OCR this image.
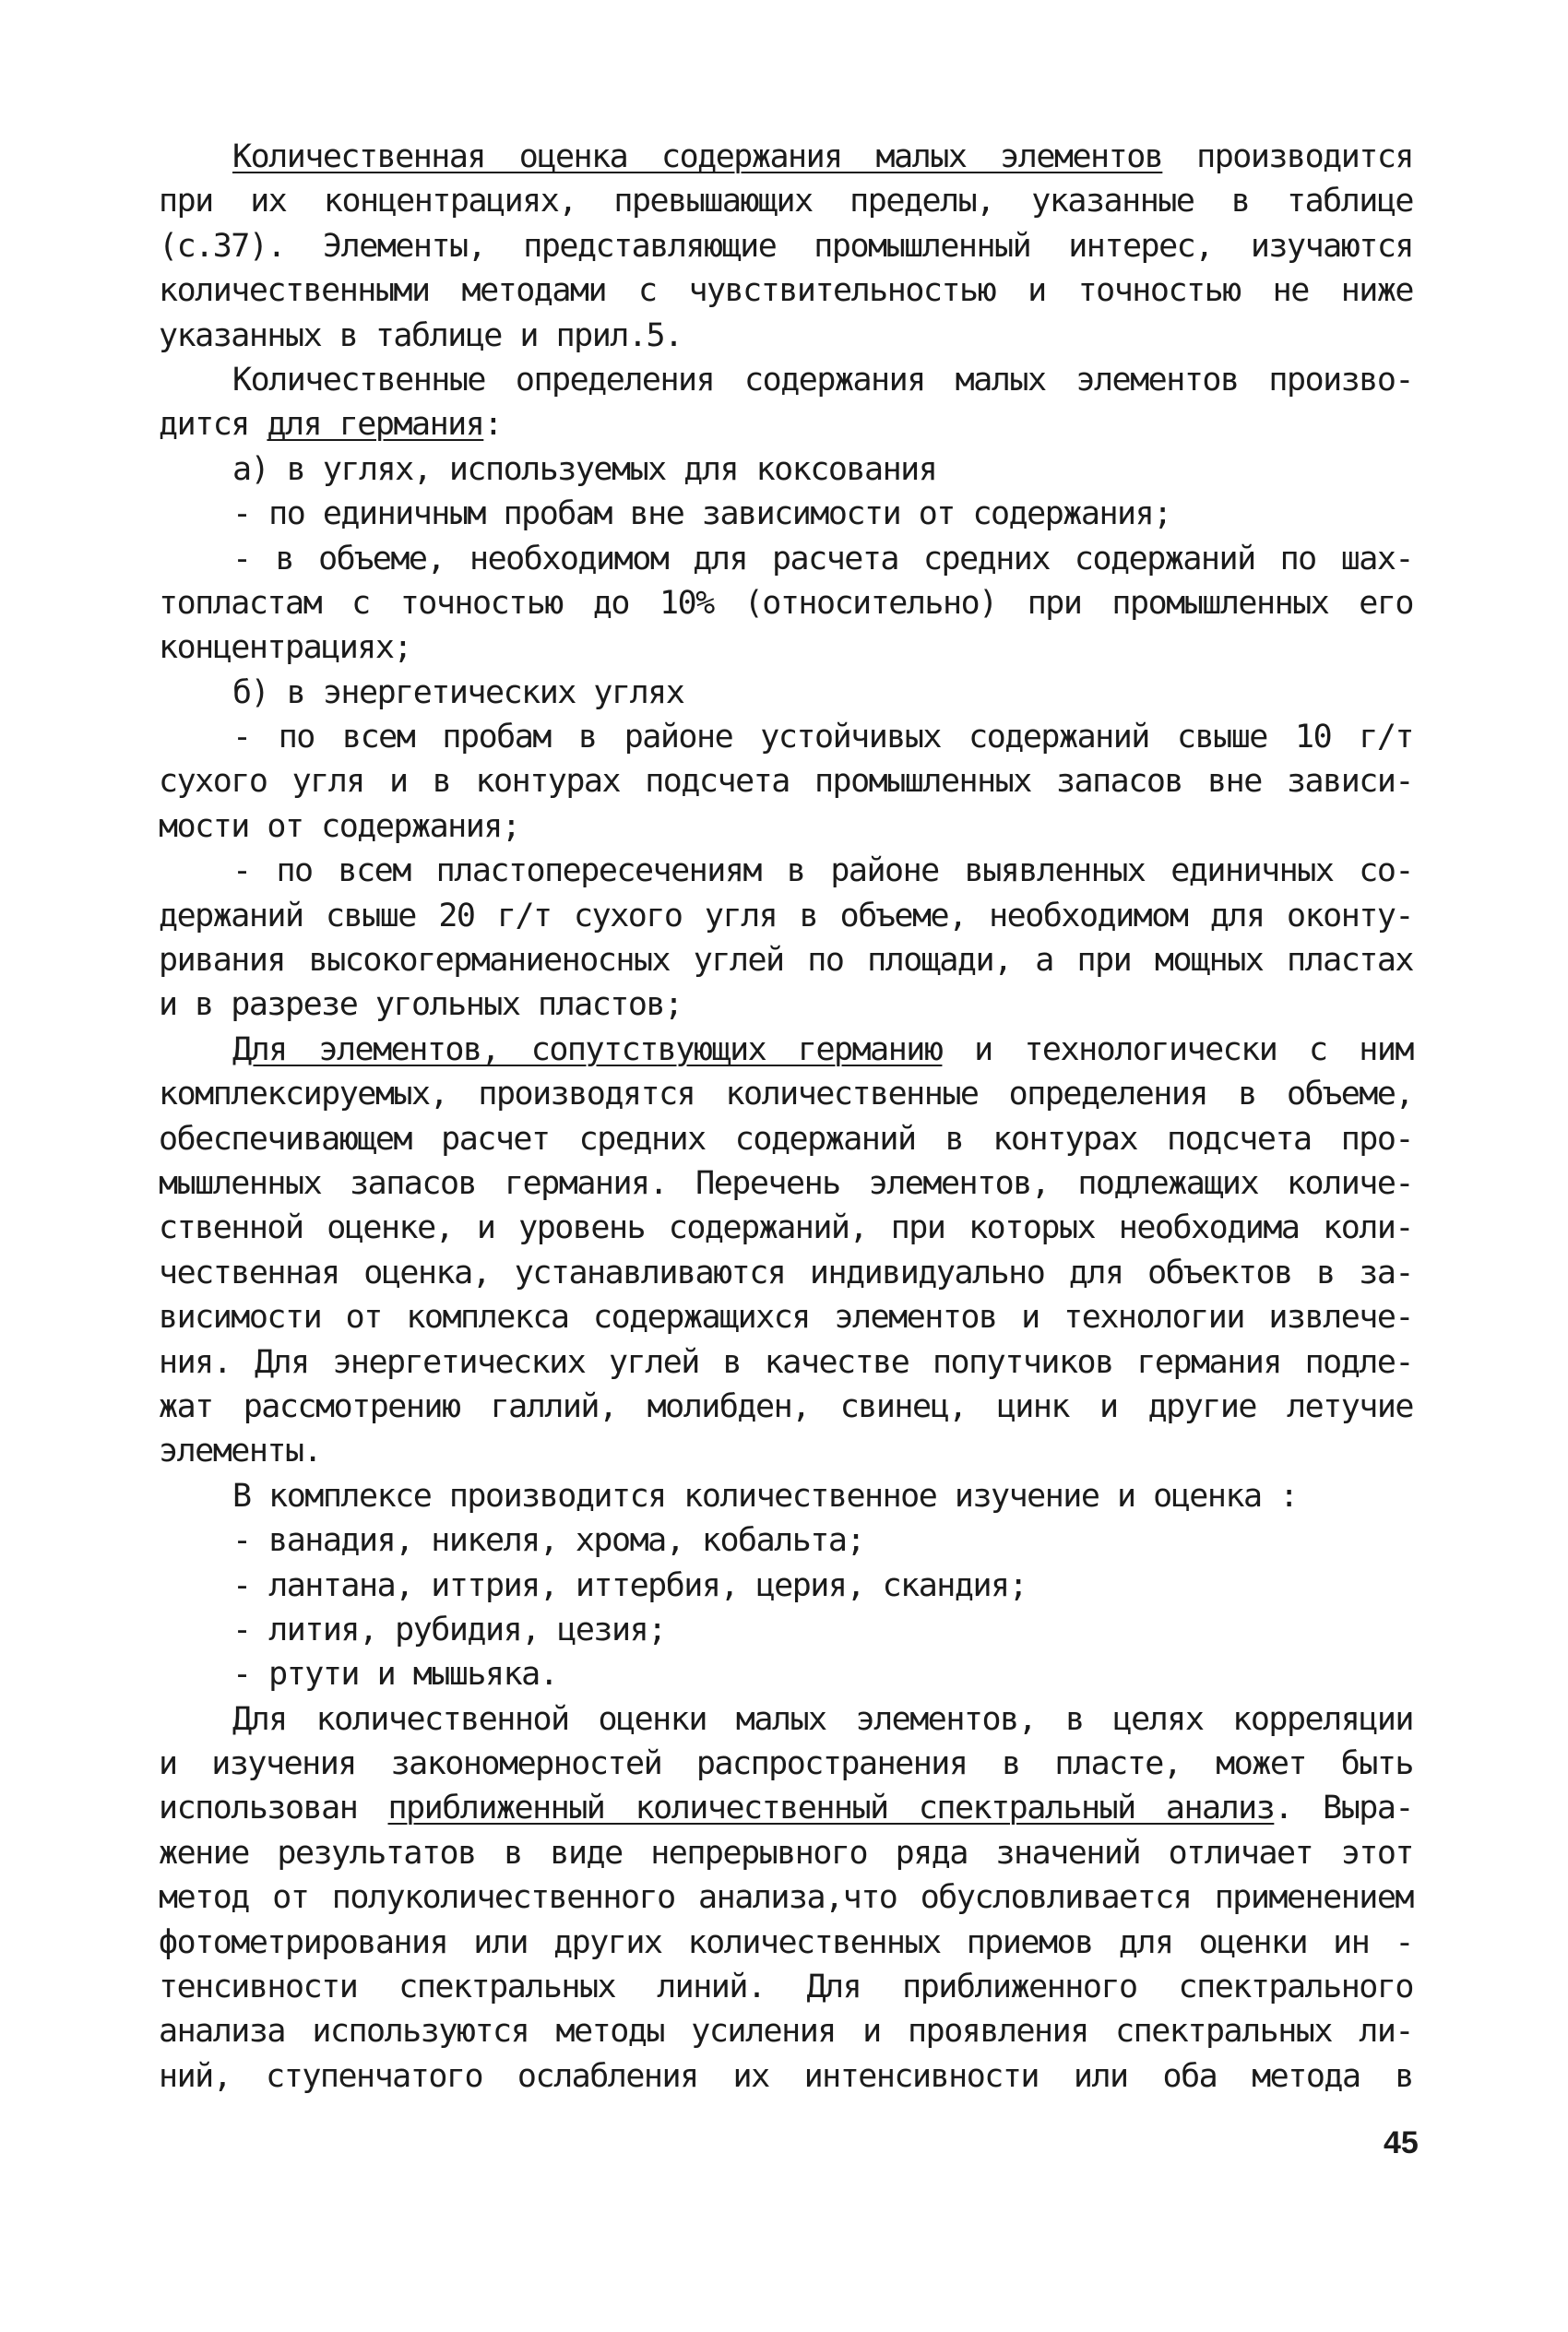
Количественная оценка содержания малых элементов производится
при их концентрациях, превышающих пределы, указанные в таблице
(с.37). Элементы, представляющие промышленный интерес, изучаются
количественными методами с чувствительностью и точностью не ниже
указанных в таблице и прил.5.
Количественные определения содержания малых элементов произво-
дится для германия:
а) в углях, используемых для коксования
- по единичным пробам вне зависимости от содержания;
- в объеме, необходимом для расчета средних содержаний по шах-
топластам с точностью до 10% (относительно) при промышленных его
концентрациях;
б) в энергетических углях
- по всем пробам в районе устойчивых содержаний свыше 10 г/т
сухого угля и в контурах подсчета промышленных запасов вне зависи-
мости от содержания;
- по всем пластопересечениям в районе выявленных единичных со-
держаний свыше 20 г/т сухого угля в объеме, необходимом для оконту-
ривания высокогерманиеносных углей по площади, а при мощных пластах
и в разрезе угольных пластов;
Для элементов, сопутствующих германию и технологически с ним
комплексируемых, производятся количественные определения в объеме,
обеспечивающем расчет средних содержаний в контурах подсчета про-
мышленных запасов германия. Перечень элементов, подлежащих количе-
ственной оценке, и уровень содержаний, при которых необходима коли-
чественная оценка, устанавливаются индивидуально для объектов в за-
висимости от комплекса содержащихся элементов и технологии извлече-
ния. Для энергетических углей в качестве попутчиков германия подле-
жат рассмотрению галлий, молибден, свинец, цинк и другие летучие
элементы.
В комплексе производится количественное изучение и оценка :
- ванадия, никеля, хрома, кобальта;
- лантана, иттрия, иттербия, церия, скандия;
- лития, рубидия, цезия;
- ртути и мышьяка.
Для количественной оценки малых элементов, в целях корреляции
и изучения закономерностей распространения в пласте, может быть
использован приближенный количественный спектральный анализ. Выра-
жение результатов в виде непрерывного ряда значений отличает этот
метод от полуколичественного анализа,что обусловливается применением
фотометрирования или других количественных приемов для оценки ин -
тенсивности спектральных линий. Для приближенного спектрального
анализа используются методы усиления и проявления спектральных ли-
ний, ступенчатого ослабления их интенсивности или оба метода в
45
